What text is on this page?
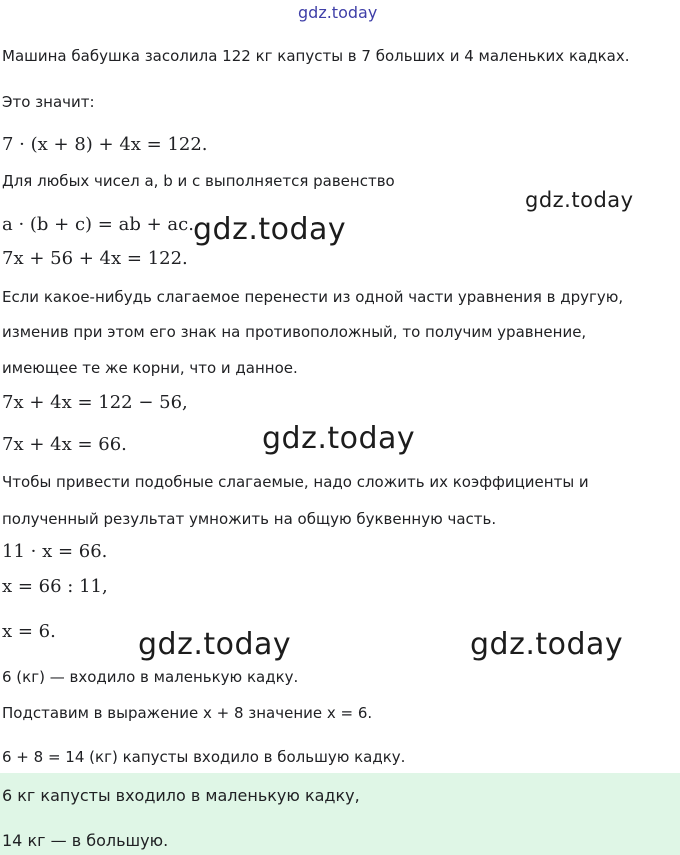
gdz.today
Машина бабушка засолила 122 кг капусты в 7 больших и 4 маленьких кадках.
Это значит:
7 · (x + 8) + 4x = 122.
Для любых чисел a, b и c выполняется равенство
gdz.today
a · (b + c) = ab + ac. gdz.today
7x + 56 + 4x = 122.
Если какое-нибудь слагаемое перенести из одной части уравнения в другую,
изменив при этом его знак на противоположный, то получим уравнение,
имеющее те же корни, что и данное.
7x + 4x = 122 − 56,
7x + 4x = 66.	gdz.today
Чтобы привести подобные слагаемые, надо сложить их коэффициенты и
полученный результат умножить на общую буквенную часть.
11 · x = 66.
x = 66 : 11,
x = 6.	gdz.today	gdz.today
6 (кг) — входило в маленькую кадку.
Подставим в выражение x + 8 значение x = 6.
6 + 8 = 14 (кг) капусты входило в большую кадку.
6 кг капусты входило в маленькую кадку,
14 кг — в большую.
